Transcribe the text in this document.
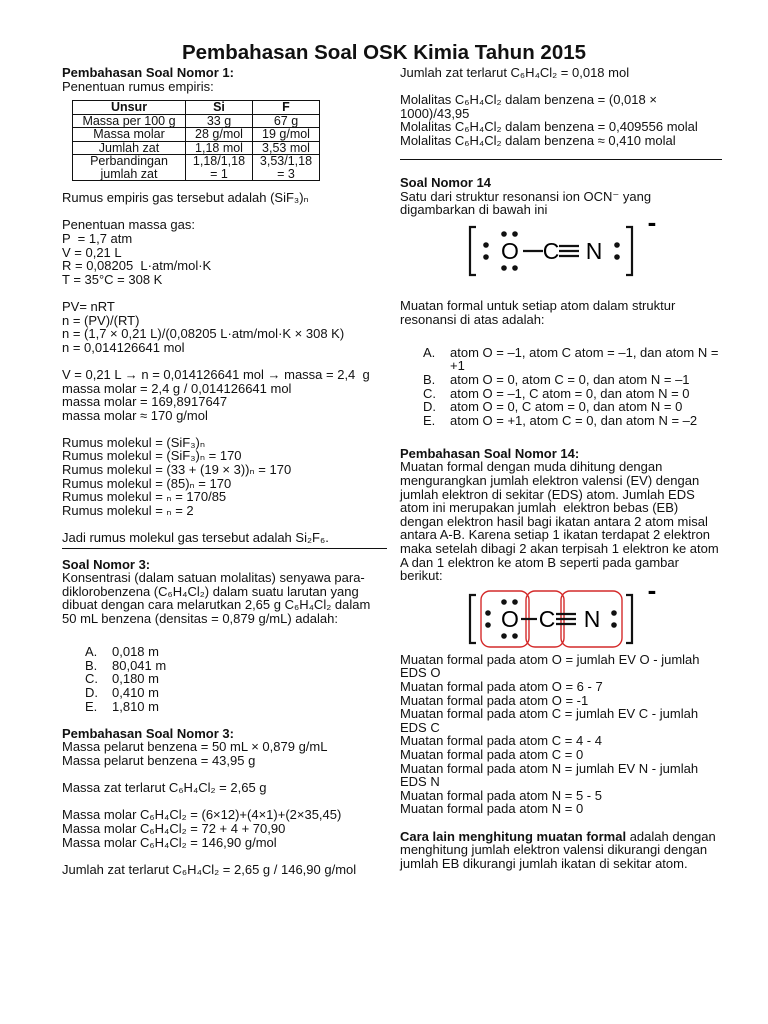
Pembahasan Soal OSK Kimia Tahun 2015
Pembahasan Soal Nomor 1:
Penentuan rumus empiris:
Unsur	Si	F
Massa per 100 g	33 g	67 g
Massa molar	28 g/mol	19 g/mol
Jumlah zat	1,18 mol	3,53 mol
Perbandingan jumlah zat	1,18/1,18 = 1	3,53/1,18 = 3
Rumus empiris gas tersebut adalah (SiF₃)ₙ
Penentuan massa gas:
P  = 1,7 atm
V = 0,21 L
R = 0,08205  L·atm/mol·K
T = 35°C = 308 K
PV= nRT
n = (PV)/(RT)
n = (1,7 × 0,21 L)/(0,08205 L·atm/mol·K × 308 K)
n = 0,014126641 mol
V = 0,21 L → n = 0,014126641 mol → massa = 2,4  g
massa molar = 2,4 g / 0,014126641 mol
massa molar = 169,8917647
massa molar ≈ 170 g/mol
Rumus molekul = (SiF₃)ₙ
Rumus molekul = (SiF₃)ₙ = 170
Rumus molekul = (33 + (19 × 3))ₙ = 170
Rumus molekul = (85)ₙ = 170
Rumus molekul = ₙ = 170/85
Rumus molekul = ₙ = 2
Jadi rumus molekul gas tersebut adalah Si₂F₆.
Soal Nomor 3:
Konsentrasi (dalam satuan molalitas) senyawa para-diklorobenzena (C₆H₄Cl₂) dalam suatu larutan yang dibuat dengan cara melarutkan 2,65 g C₆H₄Cl₂ dalam 50 mL benzena (densitas = 0,879 g/mL) adalah:
A.	0,018 m
B.	80,041 m
C.	0,180 m
D.	0,410 m
E.	1,810 m
Pembahasan Soal Nomor 3:
Massa pelarut benzena = 50 mL × 0,879 g/mL
Massa pelarut benzena = 43,95 g
Massa zat terlarut C₆H₄Cl₂ = 2,65 g
Massa molar C₆H₄Cl₂ = (6×12)+(4×1)+(2×35,45)
Massa molar C₆H₄Cl₂ = 72 + 4 + 70,90
Massa molar C₆H₄Cl₂ = 146,90 g/mol
Jumlah zat terlarut C₆H₄Cl₂ = 2,65 g / 146,90 g/mol
Jumlah zat terlarut C₆H₄Cl₂ = 0,018 mol
Molalitas C₆H₄Cl₂ dalam benzena = (0,018 × 1000)/43,95
Molalitas C₆H₄Cl₂ dalam benzena = 0,409556 molal
Molalitas C₆H₄Cl₂ dalam benzena ≈ 0,410 molal
Soal Nomor 14
Satu dari struktur resonansi ion OCN⁻ yang digambarkan di bawah ini
O C N
-
Muatan formal untuk setiap atom dalam struktur resonansi di atas adalah:
A.	atom O = –1, atom C atom = –1, dan atom N = +1
B.	atom O = 0, atom C = 0, dan atom N = –1
C.	atom O = –1, C atom = 0, dan atom N = 0
D.	atom O = 0, C atom = 0, dan atom N = 0
E.	atom O = +1, atom C = 0, dan atom N = –2
Pembahasan Soal Nomor 14:
Muatan formal dengan muda dihitung dengan mengurangkan jumlah elektron valensi (EV) dengan jumlah elektron di sekitar (EDS) atom. Jumlah EDS atom ini merupakan jumlah  elektron bebas (EB) dengan elektron hasil bagi ikatan antara 2 atom misal antara A-B. Karena setiap 1 ikatan terdapat 2 elektron maka setelah dibagi 2 akan terpisah 1 elektron ke atom A dan 1 elektron ke atom B seperti pada gambar berikut:
O C N
-
Muatan formal pada atom O = jumlah EV O - jumlah EDS O
Muatan formal pada atom O = 6 - 7
Muatan formal pada atom O = -1
Muatan formal pada atom C = jumlah EV C - jumlah EDS C
Muatan formal pada atom C = 4 - 4
Muatan formal pada atom C = 0
Muatan formal pada atom N = jumlah EV N - jumlah EDS N
Muatan formal pada atom N = 5 - 5
Muatan formal pada atom N = 0
Cara lain menghitung muatan formal adalah dengan menghitung jumlah elektron valensi dikurangi dengan jumlah EB dikurangi jumlah ikatan di sekitar atom.
